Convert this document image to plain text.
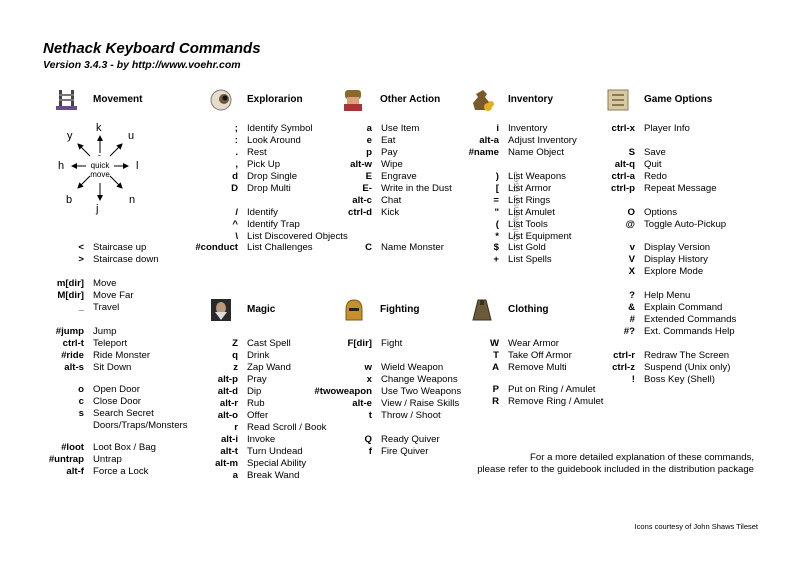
Nethack Keyboard Commands
Version 3.4.3 - by http://www.voehr.com
Movement	Explorarion	Other Action	Inventory	Game Options
Magic	Fighting	Clothing
k
j
h	l
y	u
b	n
-
quick
move	< Only Items in Use >
< Staircase up
> Staircase down
m[dir] Move
M[dir] Move Far
_ Travel
#jump Jump
ctrl-t Teleport
#ride Ride Monster
alt-s Sit Down
o Open Door
c Close Door
s Search Secret
Doors/Traps/Monsters
#loot Loot Box / Bag
#untrap Untrap
alt-f Force a Lock
; Identify Symbol
: Look Around
. Rest
, Pick Up
d Drop Single
D Drop Multi
/ Identify
^ Identify Trap
\ List Discovered Objects
#conduct List Challenges
a Use Item
e Eat
p Pay
alt-w Wipe
E Engrave
E- Write in the Dust
alt-c Chat
ctrl-d Kick
C Name Monster
i Inventory
alt-a Adjust Inventory
#name Name Object
) List Weapons
[ List Armor
= List Rings
" List Amulet
( List Tools
* List Equipment
$ List Gold
+ List Spells
ctrl-x Player Info
S Save
alt-q Quit
ctrl-a Redo
ctrl-p Repeat Message
O Options
@ Toggle Auto-Pickup
v Display Version
V Display History
X Explore Mode
? Help Menu
& Explain Command
# Extended Commands
#? Ext. Commands Help
ctrl-r Redraw The Screen
ctrl-z Suspend (Unix only)
! Boss Key (Shell)
Z Cast Spell
q Drink
z Zap Wand
alt-p Pray
alt-d Dip
alt-r Rub
alt-o Offer
r Read Scroll / Book
alt-i Invoke
alt-t Turn Undead
alt-m Special Ability
a Break Wand
F[dir] Fight
w Wield Weapon
x Change Weapons
#twoweapon Use Two Weapons
alt-e View / Raise Skills
t Throw / Shoot
Q Ready Quiver
f Fire Quiver
W Wear Armor
T Take Off Armor
A Remove Multi
P Put on Ring / Amulet
R Remove Ring / Amulet
For a more detailed explanation of these commands,
please refer to the guidebook included in the distribution package
Icons courtesy of John Shaws Tileset
